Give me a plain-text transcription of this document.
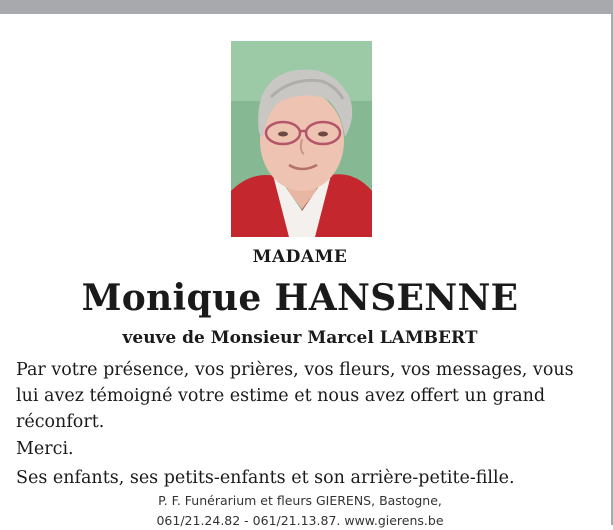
MADAME
Monique HANSENNE
veuve de Monsieur Marcel LAMBERT

Par votre présence, vos prières, vos fleurs, vos messages, vous lui avez témoigné votre estime et nous avez offert un grand réconfort.

Merci.

Ses enfants, ses petits-enfants et son arrière-petite-fille.

P. F. Funérarium et fleurs GIERENS, Bastogne,
061/21.24.82 - 061/21.13.87. www.gierens.be
